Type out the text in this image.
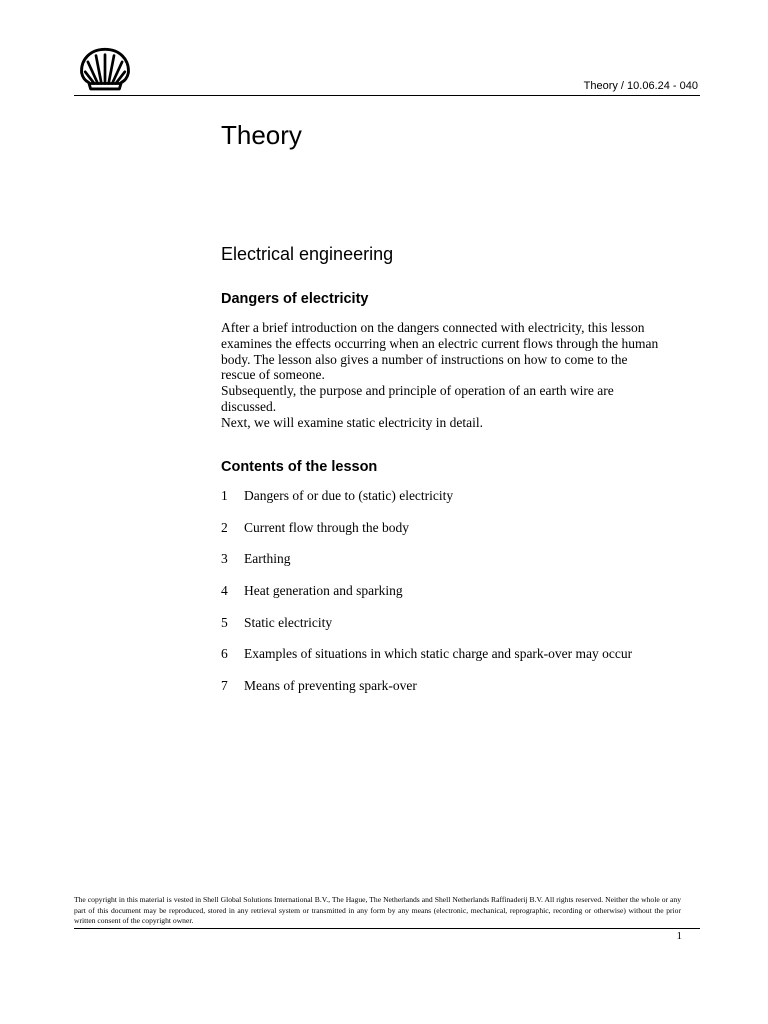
Theory / 10.06.24 - 040
Theory
Electrical engineering
Dangers of electricity

After a brief introduction on the dangers connected with electricity, this lesson
examines the effects occurring when an electric current flows through the human
body. The lesson also gives a number of instructions on how to come to the
rescue of someone.
Subsequently, the purpose and principle of operation of an earth wire are
discussed.
Next, we will examine static electricity in detail.

Contents of the lesson
1	Dangers of or due to (static) electricity
2	Current flow through the body
3	Earthing
4	Heat generation and sparking
5	Static electricity
6	Examples of situations in which static charge and spark-over may occur
7	Means of preventing spark-over

The copyright in this material is vested in Shell Global Solutions International B.V., The Hague, The Netherlands and Shell Netherlands Raffinaderij B.V. All rights reserved. Neither the whole or any part of this document may be reproduced, stored in any retrieval system or transmitted in any form by any means (electronic, mechanical, reprographic, recording or otherwise) without the prior written consent of the copyright owner.

1
